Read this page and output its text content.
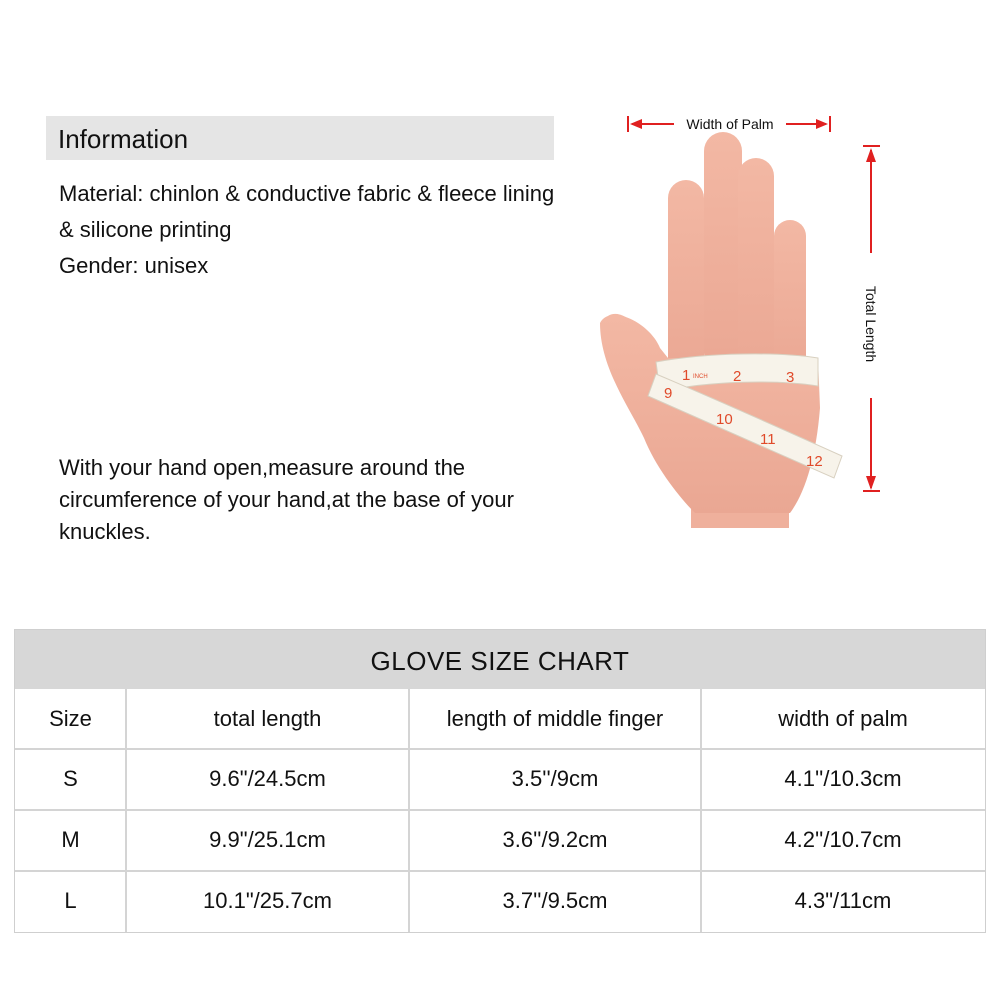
Information
Material: chinlon & conductive fabric & fleece lining & silicone printing
Gender: unisex
With your hand open,measure around the circumference of your hand,at the base of your knuckles.
Width of Palm
Total Length
1	2	3
9
10
11
12
INCH
GLOVE SIZE CHART
Size	total length	length of middle finger	width of palm
S	9.6"/24.5cm	3.5''/9cm	4.1''/10.3cm
M	9.9"/25.1cm	3.6''/9.2cm	4.2''/10.7cm
L	10.1"/25.7cm	3.7''/9.5cm	4.3"/11cm
